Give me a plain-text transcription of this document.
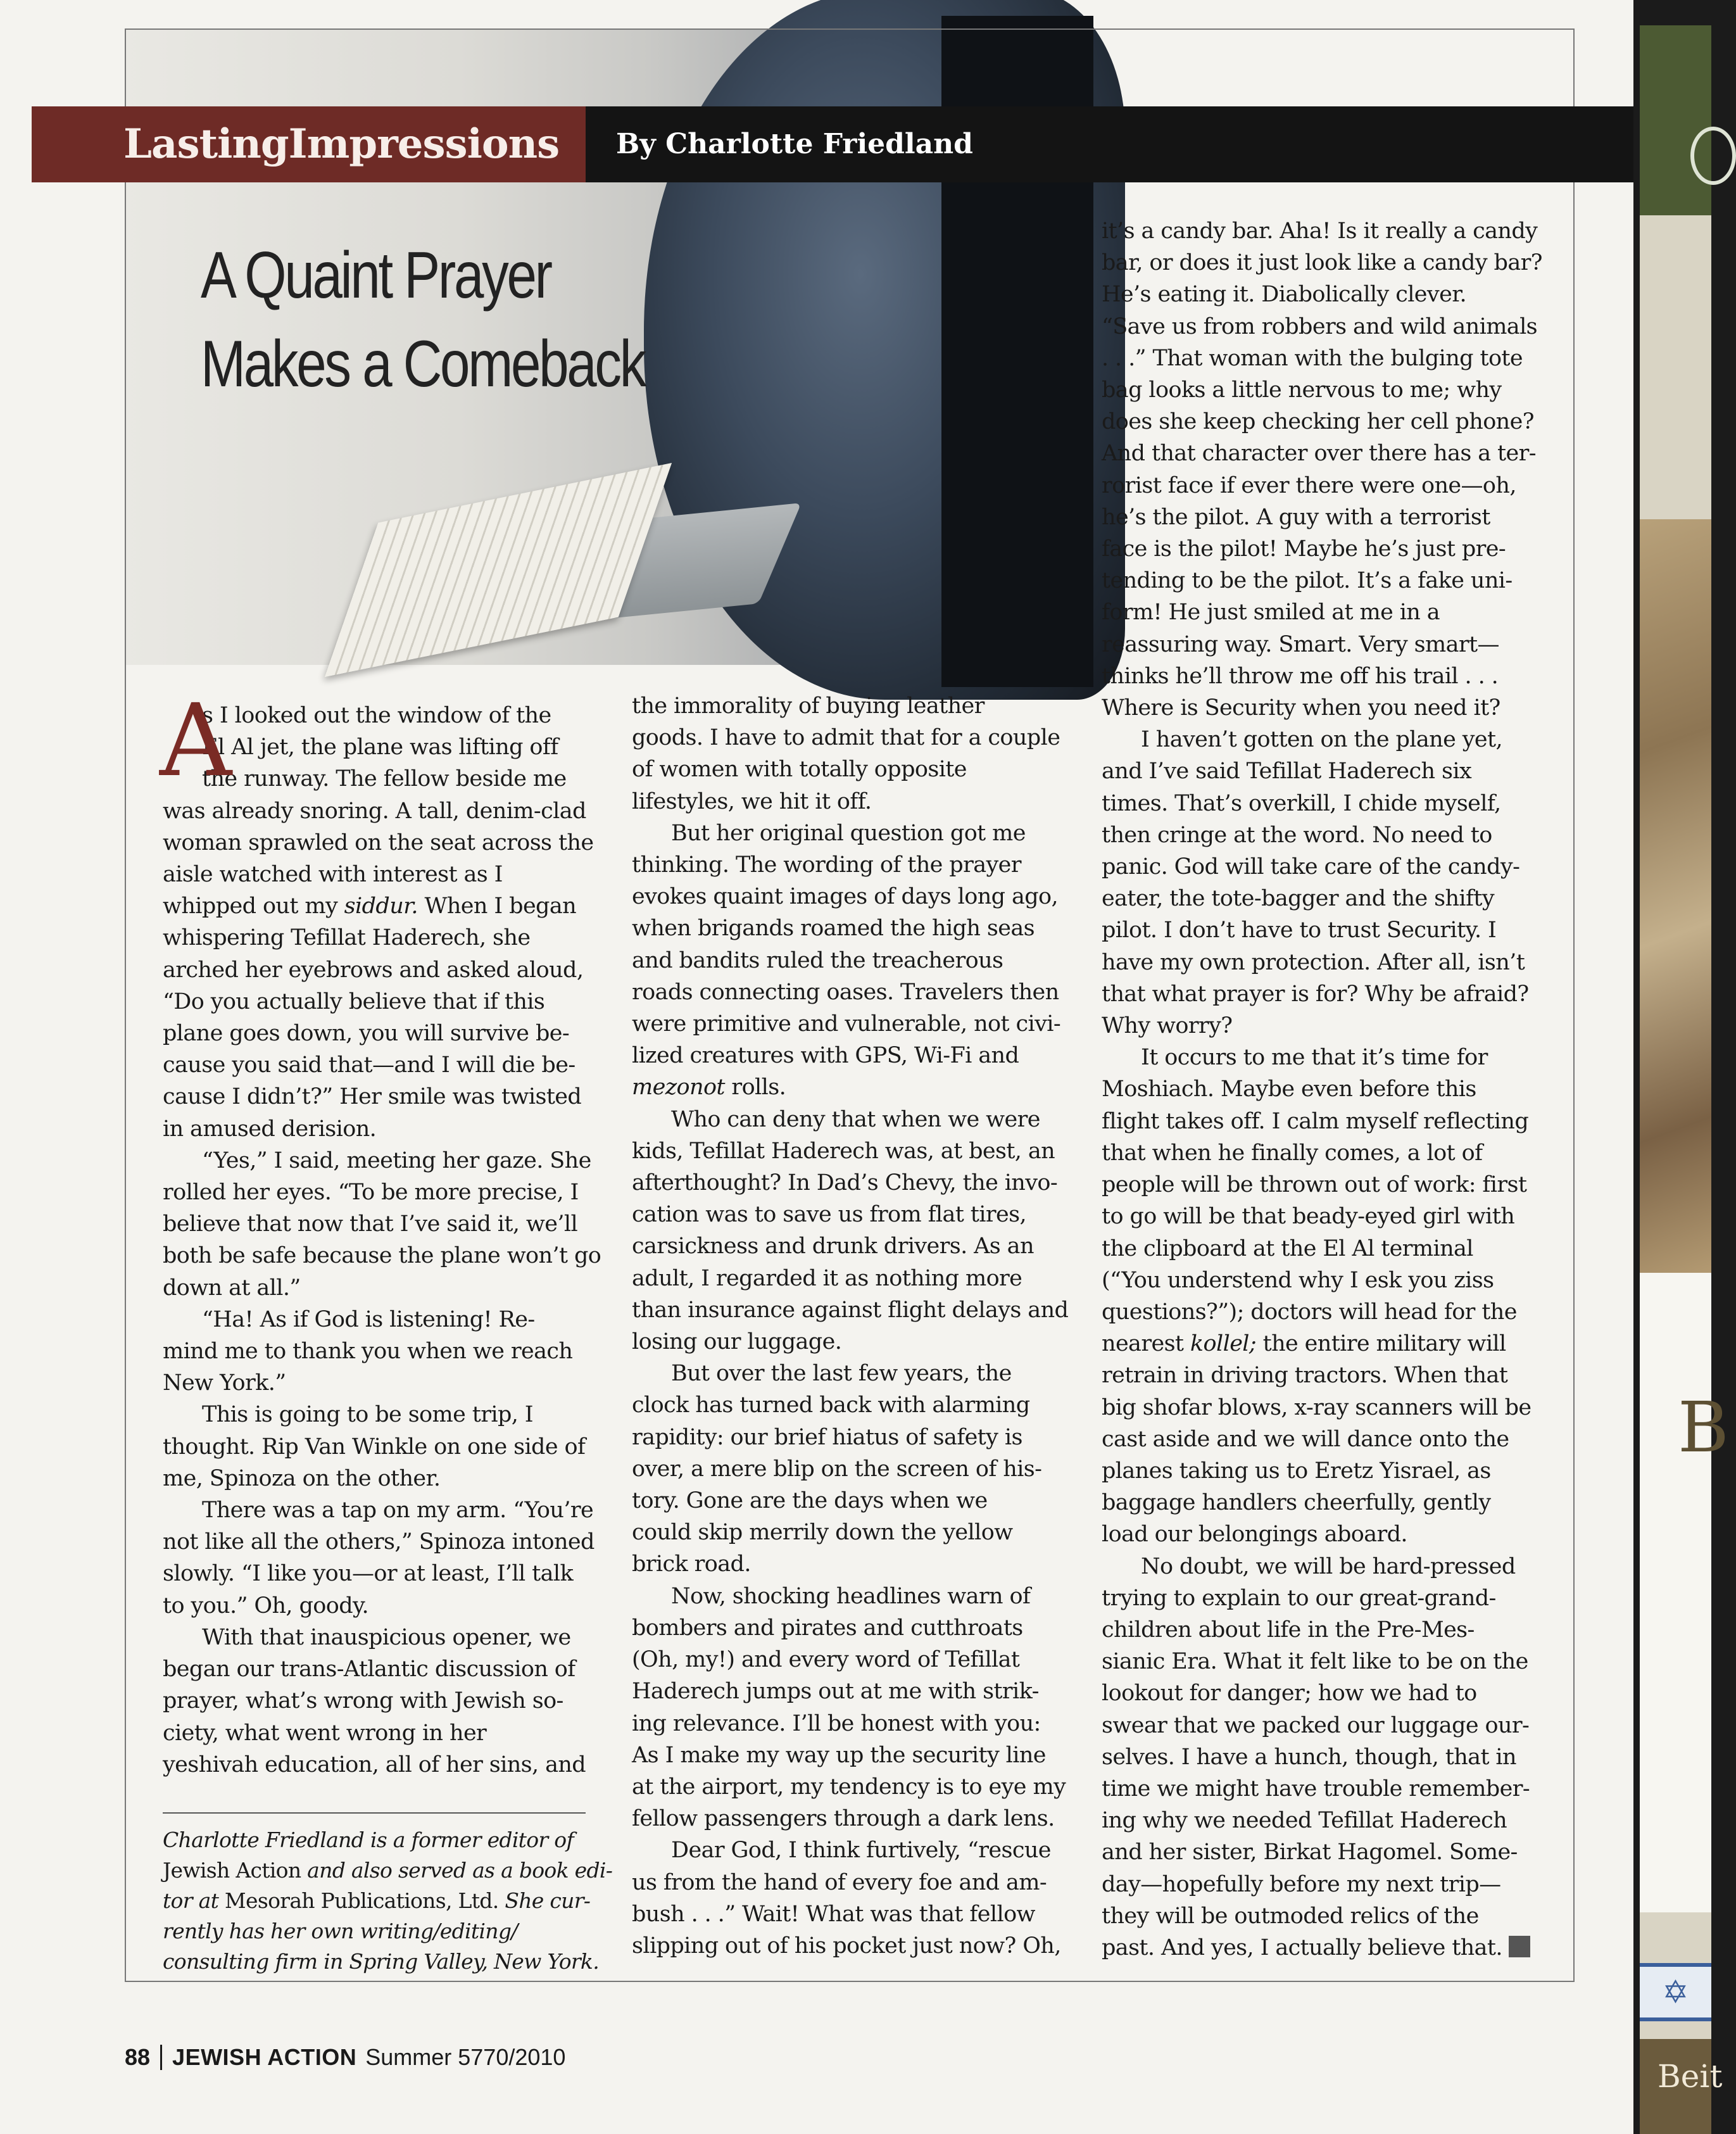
A Quaint Prayer
Makes a Comeback
LastingImpressions	By Charlotte Friedland
A

s I looked out the window of the

El Al jet, the plane was lifting off

the runway. The fellow beside me

was already snoring. A tall, denim-clad

woman sprawled on the seat across the

aisle watched with interest as I

whipped out my siddur. When I began

whispering Tefillat Haderech, she

arched her eyebrows and asked aloud,

“Do you actually believe that if this

plane goes down, you will survive be-

cause you said that—and I will die be-

cause I didn’t?” Her smile was twisted

in amused derision.

“Yes,” I said, meeting her gaze. She

rolled her eyes. “To be more precise, I

believe that now that I’ve said it, we’ll

both be safe because the plane won’t go

down at all.”

“Ha! As if God is listening! Re-

mind me to thank you when we reach

New York.”

This is going to be some trip, I

thought. Rip Van Winkle on one side of

me, Spinoza on the other.

There was a tap on my arm. “You’re

not like all the others,” Spinoza intoned

slowly. “I like you—or at least, I’ll talk

to you.” Oh, goody.

With that inauspicious opener, we

began our trans-Atlantic discussion of

prayer, what’s wrong with Jewish so-

ciety, what went wrong in her

yeshivah education, all of her sins, and

the immorality of buying leather

goods. I have to admit that for a couple

of women with totally opposite

lifestyles, we hit it off.

But her original question got me

thinking. The wording of the prayer

evokes quaint images of days long ago,

when brigands roamed the high seas

and bandits ruled the treacherous

roads connecting oases. Travelers then

were primitive and vulnerable, not civi-

lized creatures with GPS, Wi-Fi and

mezonot rolls.

Who can deny that when we were

kids, Tefillat Haderech was, at best, an

afterthought? In Dad’s Chevy, the invo-

cation was to save us from flat tires,

carsickness and drunk drivers. As an

adult, I regarded it as nothing more

than insurance against flight delays and

losing our luggage.

But over the last few years, the

clock has turned back with alarming

rapidity: our brief hiatus of safety is

over, a mere blip on the screen of his-

tory. Gone are the days when we

could skip merrily down the yellow

brick road.

Now, shocking headlines warn of

bombers and pirates and cutthroats

(Oh, my!) and every word of Tefillat

Haderech jumps out at me with strik-

ing relevance. I’ll be honest with you:

As I make my way up the security line

at the airport, my tendency is to eye my

fellow passengers through a dark lens.

Dear God, I think furtively, “rescue

us from the hand of every foe and am-

bush . . .” Wait! What was that fellow

slipping out of his pocket just now? Oh,

it’s a candy bar. Aha! Is it really a candy

bar, or does it just look like a candy bar?

He’s eating it. Diabolically clever.

“Save us from robbers and wild animals

. . .” That woman with the bulging tote

bag looks a little nervous to me; why

does she keep checking her cell phone?

And that character over there has a ter-

rorist face if ever there were one—oh,

he’s the pilot. A guy with a terrorist

face is the pilot! Maybe he’s just pre-

tending to be the pilot. It’s a fake uni-

form! He just smiled at me in a

reassuring way. Smart. Very smart—

thinks he’ll throw me off his trail . . .

Where is Security when you need it?

I haven’t gotten on the plane yet,

and I’ve said Tefillat Haderech six

times. That’s overkill, I chide myself,

then cringe at the word. No need to

panic. God will take care of the candy-

eater, the tote-bagger and the shifty

pilot. I don’t have to trust Security. I

have my own protection. After all, isn’t

that what prayer is for? Why be afraid?

Why worry?

It occurs to me that it’s time for

Moshiach. Maybe even before this

flight takes off. I calm myself reflecting

that when he finally comes, a lot of

people will be thrown out of work: first

to go will be that beady-eyed girl with

the clipboard at the El Al terminal

(“You understend why I esk you ziss

questions?”); doctors will head for the

nearest kollel; the entire military will

retrain in driving tractors. When that

big shofar blows, x-ray scanners will be

cast aside and we will dance onto the

planes taking us to Eretz Yisrael, as

baggage handlers cheerfully, gently

load our belongings aboard.

No doubt, we will be hard-pressed

trying to explain to our great-grand-

children about life in the Pre-Mes-

sianic Era. What it felt like to be on the

lookout for danger; how we had to

swear that we packed our luggage our-

selves. I have a hunch, though, that in

time we might have trouble remember-

ing why we needed Tefillat Haderech

and her sister, Birkat Hagomel. Some-

day—hopefully before my next trip—

they will be outmoded relics of the

past. And yes, I actually believe that.

Charlotte Friedland is a former editor of

Jewish Action and also served as a book edi-

tor at Mesorah Publications, Ltd. She cur-

rently has her own writing/editing/

consulting firm in Spring Valley, New York.

88 JEWISH ACTION Summer 5770/2010
B
✡
Beit
